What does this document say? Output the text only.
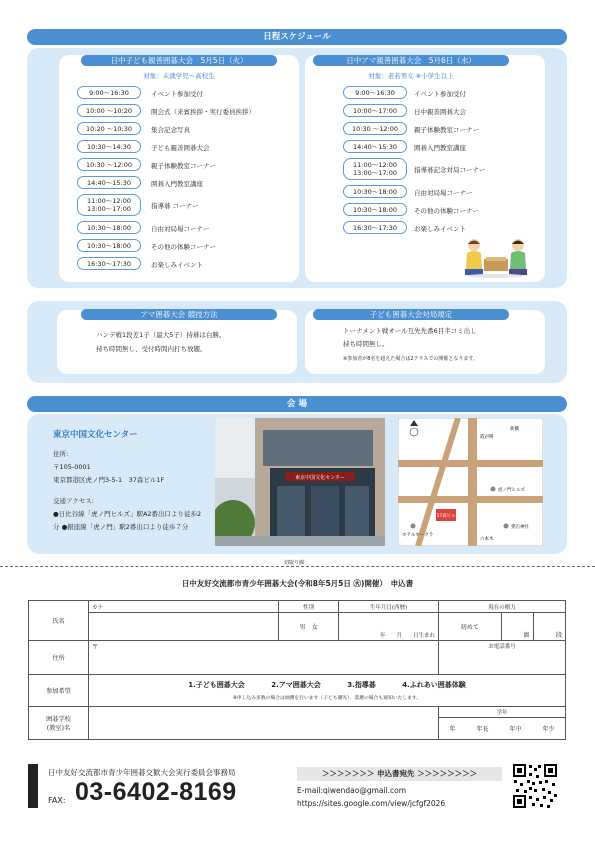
日程スケジュール
日中子ども親善囲碁大会　5月5日（火）
対象：未就学児〜高校生
9:00〜16:30	イベント参加受付
10:00 〜10:20	開会式（来賓挨拶・実行委員挨拶）
10:20 〜10:30	集合記念写真
10:30〜14:30	子ども親善囲碁大会
10:30 〜12:00	親子体験教室コーナー
14:40〜15:30	囲碁入門教室講座
11:00〜12:00
13:00〜17:00	指導碁 コーナー
10:30〜18:00	自由対局場コーナー
10:30〜18:00	その他の体験コーナー
16:30〜17:30	お楽しみイベント
日中アマ親善囲碁大会　5月6日（水）
対象：老若男女 ※小学生以上
9:00〜16:30	イベント参加受付
10:00〜17:00	日中親善囲碁大会
10:30 〜12:00	親子体験教室コーナー
14:40〜15:30	囲碁入門教室講座
11:00〜12:00
13:00〜17:00	指導碁記念対局コーナー
10:30〜18:00	自由対局場コーナー
10:30〜18:00	その他の体験コーナー
16:30〜17:30	お楽しみイベント
アマ囲碁大会 競技方法
ハンデ戦1段差1子（最大5子）持碁は白勝。
持ち時間無し、受付時間内打ち放題。
子ども囲碁大会対局規定
トーナメント戦オール互先先番6目半コミ出し
持ち時間無し。
※参加者が8名を超えた場合は2クラスでの開催となります。
会 場
東京中国文化センター
住所:
〒105-0001
東京都港区虎ノ門3-5-1　37森ビル1F
交通アクセス:
●日比谷線「虎ノ門ヒルズ」駅A2番出口より徒歩2分 ●銀座線「虎ノ門」駅2番出口より徒歩７分
東京中国文化センター
37森ビル
虎ノ門ヒルズ
ホテルオークラ
愛宕神社
六本木
霞が関
新橋
切取り線
日中友好交流都市青少年囲碁大会(令和8年5月5日 ㊋)開催）　申込書
氏名	カナ	性別	生年月日(西暦)	現在の棋力		
		男　女	年　　月　　日生まれ	初めて	級	段
住所	〒			お電話番号		
参加希望	1.子ども囲碁大会 2.アマ囲碁大会 3.指導碁 4.ふれあい囲碁体験
※申し込み多数の場合は抽選を行います（子ども優先）、落選の場合も通知いたします。					

囲碁学校
(教室)名				学年		

				年 年長 年中 年少		
日中友好交流都市青少年囲碁交歓大会実行委員会事務局
FAX: 03-6402-8169
＞＞＞＞＞＞＞ 申込書宛先 ＞＞＞＞＞＞＞＞
E-mail:qiwendao@gmail.com
https://sites.google.com/view/jcfgf2026
